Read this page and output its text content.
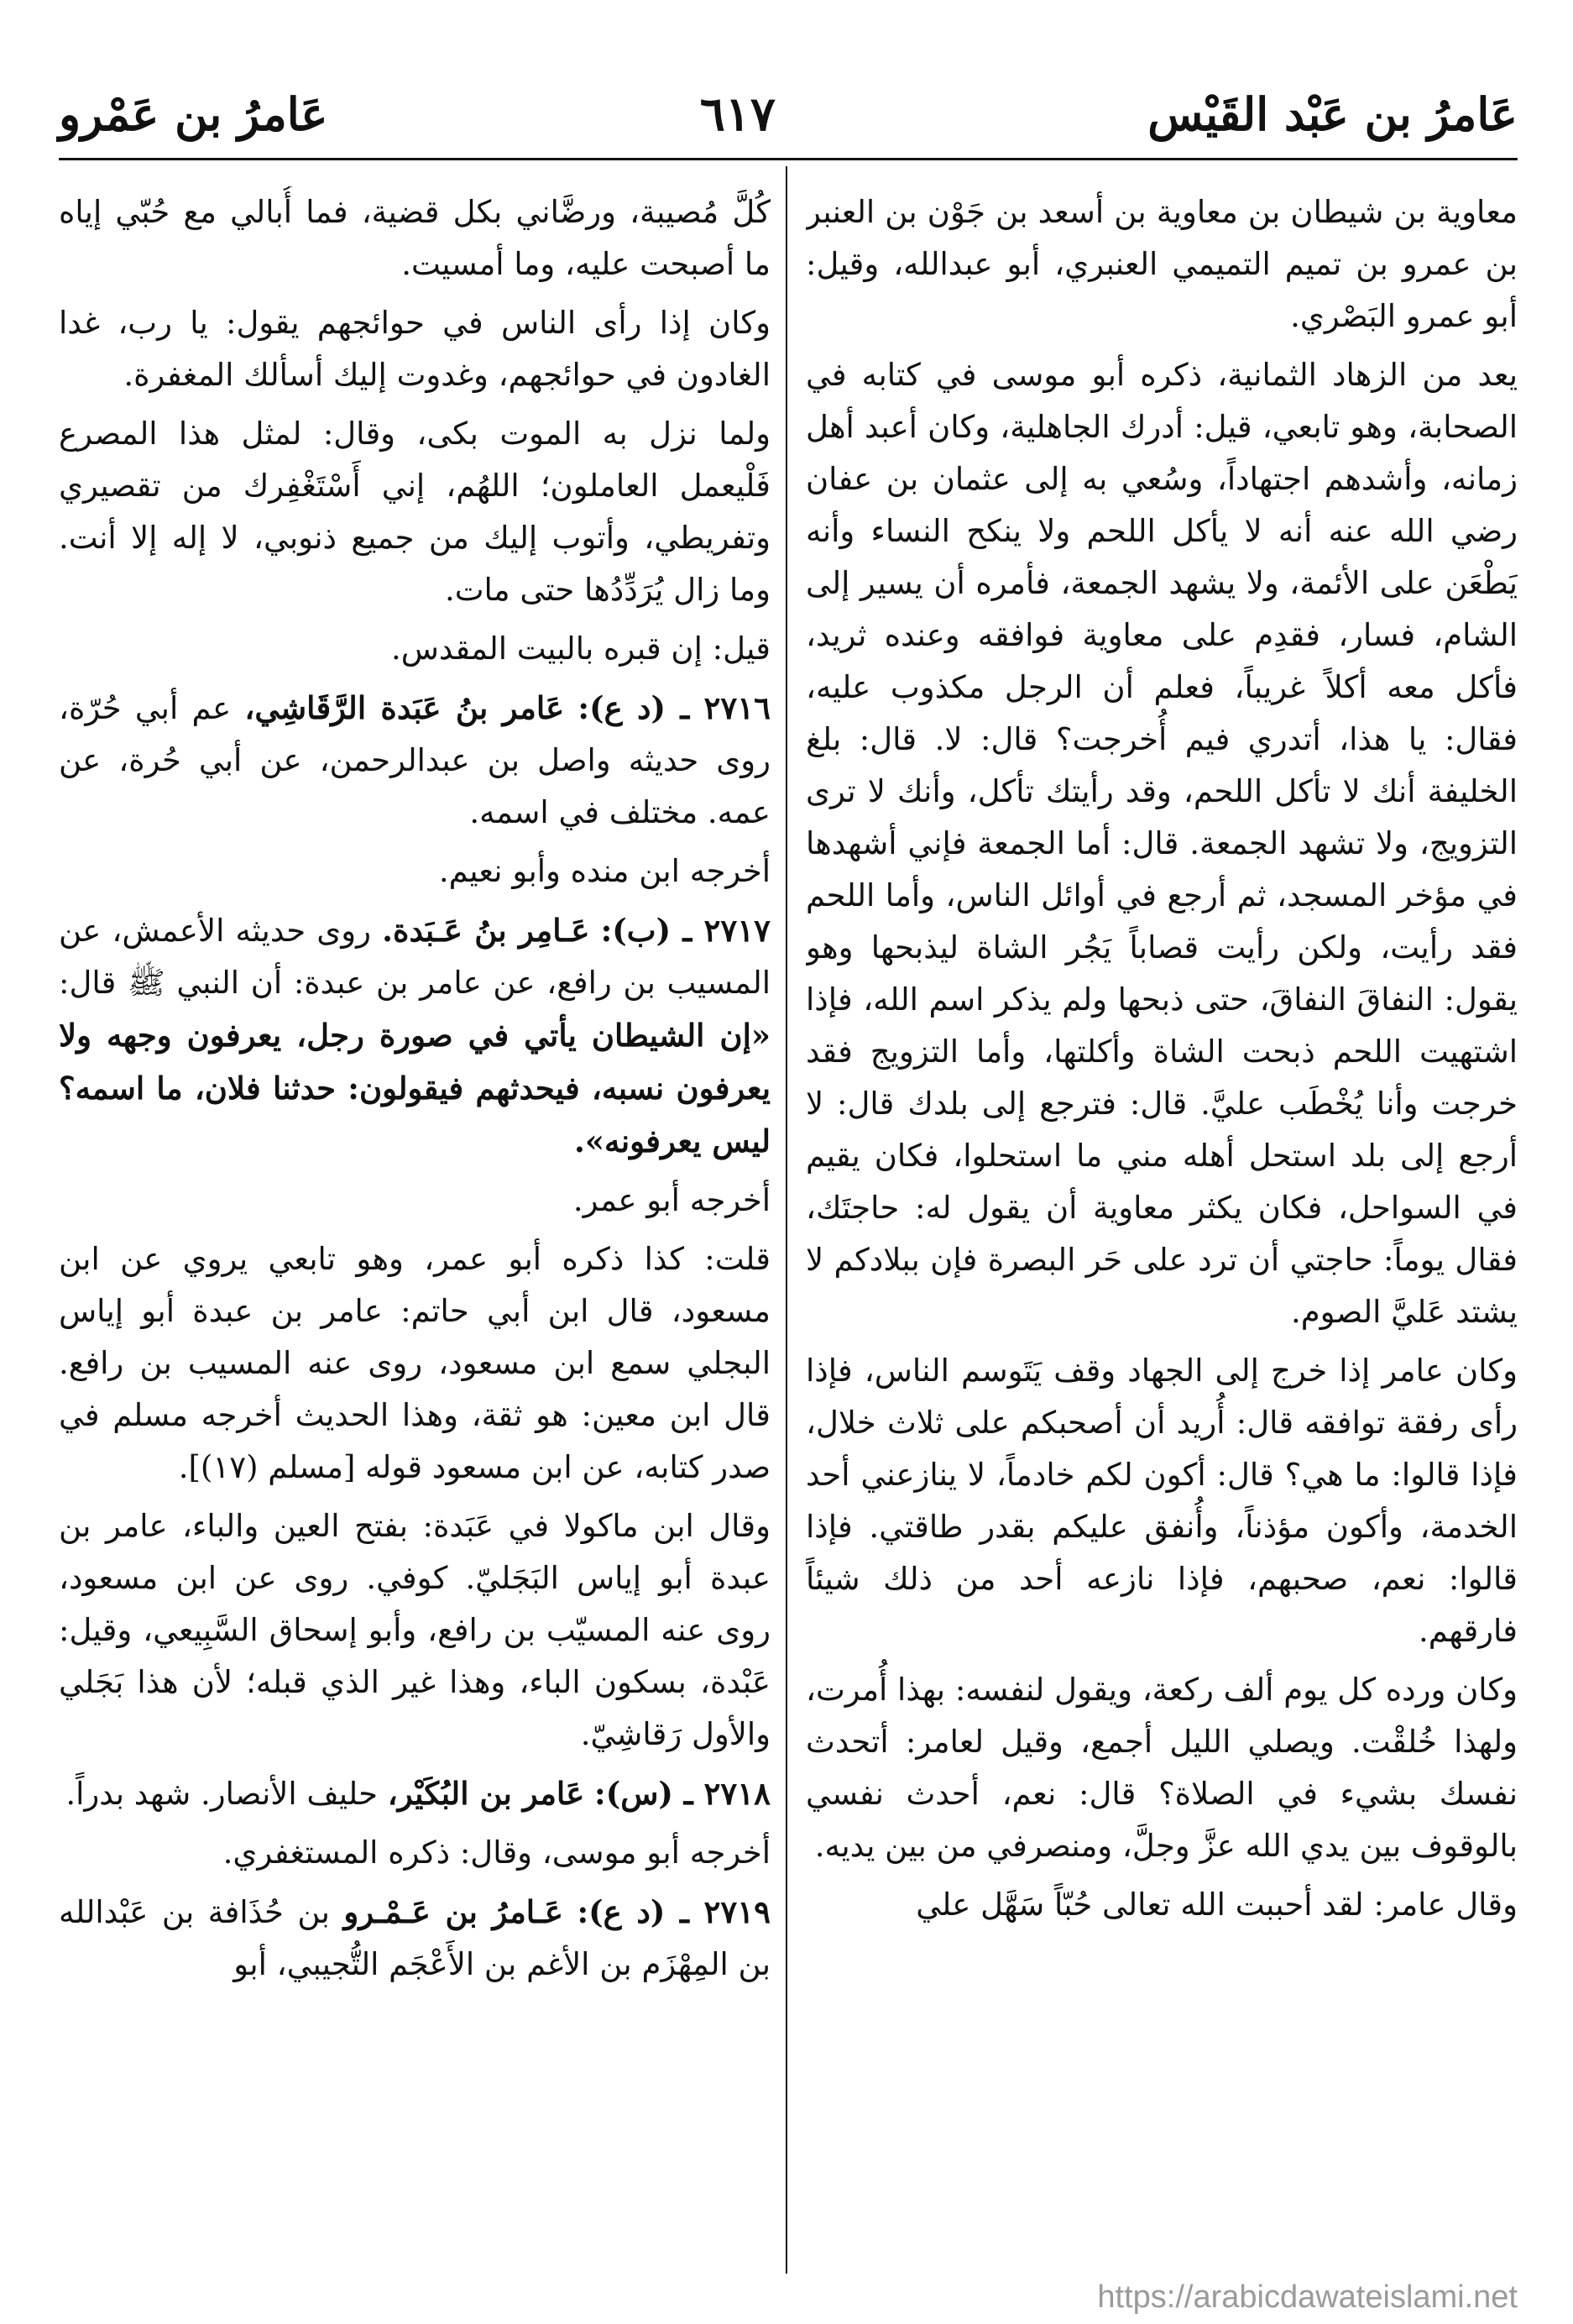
عَامرُ بن عَبْد القَيْس
٦١٧
عَامرُ بن عَمْرو

معاوية بن شيطان بن معاوية بن أسعد بن جَوْن بن العنبر بن عمرو بن تميم التميمي العنبري، أبو عبدالله، وقيل: أبو عمرو البَصْري.

يعد من الزهاد الثمانية، ذكره أبو موسى في كتابه في الصحابة، وهو تابعي، قيل: أدرك الجاهلية، وكان أعبد أهل زمانه، وأشدهم اجتهاداً، وسُعي به إلى عثمان بن عفان رضي الله عنه أنه لا يأكل اللحم ولا ينكح النساء وأنه يَطْعَن على الأئمة، ولا يشهد الجمعة، فأمره أن يسير إلى الشام، فسار، فقدِم على معاوية فوافقه وعنده ثريد، فأكل معه أكلاً غريباً، فعلم أن الرجل مكذوب عليه، فقال: يا هذا، أتدري فيم أُخرجت؟ قال: لا. قال: بلغ الخليفة أنك لا تأكل اللحم، وقد رأيتك تأكل، وأنك لا ترى التزويج، ولا تشهد الجمعة. قال: أما الجمعة فإني أشهدها في مؤخر المسجد، ثم أرجع في أوائل الناس، وأما اللحم فقد رأيت، ولكن رأيت قصاباً يَجُر الشاة ليذبحها وهو يقول: النفاقَ النفاقَ، حتى ذبحها ولم يذكر اسم الله، فإذا اشتهيت اللحم ذبحت الشاة وأكلتها، وأما التزويج فقد خرجت وأنا يُخْطَب عليَّ. قال: فترجع إلى بلدك قال: لا أرجع إلى بلد استحل أهله مني ما استحلوا، فكان يقيم في السواحل، فكان يكثر معاوية أن يقول له: حاجتَك، فقال يوماً: حاجتي أن ترد على حَر البصرة فإن ببلادكم لا يشتد عَليَّ الصوم.

وكان عامر إذا خرج إلى الجهاد وقف يَتَوسم الناس، فإذا رأى رفقة توافقه قال: أُريد أن أصحبكم على ثلاث خلال، فإذا قالوا: ما هي؟ قال: أكون لكم خادماً، لا ينازعني أحد الخدمة، وأكون مؤذناً، وأُنفق عليكم بقدر طاقتي. فإذا قالوا: نعم، صحبهم، فإذا نازعه أحد من ذلك شيئاً فارقهم.

وكان ورده كل يوم ألف ركعة، ويقول لنفسه: بهذا أُمرت، ولهذا خُلقْت. ويصلي الليل أجمع، وقيل لعامر: أتحدث نفسك بشيء في الصلاة؟ قال: نعم، أحدث نفسي بالوقوف بين يدي الله عزَّ وجلَّ، ومنصرفي من بين يديه.

وقال عامر: لقد أحببت الله تعالى حُبّاً سَهَّل علي

كُلَّ مُصيبة، ورضَّاني بكل قضية، فما أُبالي مع حُبّي إياه ما أصبحت عليه، وما أمسيت.

وكان إذا رأى الناس في حوائجهم يقول: يا رب، غدا الغادون في حوائجهم، وغدوت إليك أسألك المغفرة.

ولما نزل به الموت بكى، وقال: لمثل هذا المصرع فَلْيعمل العاملون؛ اللهُم، إني أَسْتَغْفِرك من تقصيري وتفريطي، وأتوب إليك من جميع ذنوبي، لا إله إلا أنت. وما زال يُرَدِّدُها حتى مات.

قيل: إن قبره بالبيت المقدس.

٢٧١٦ ـ (د ع): عَامر بنُ عَبَدة الرَّقَاشِي، عم أبي حُرّة، روى حديثه واصل بن عبدالرحمن، عن أبي حُرة، عن عمه. مختلف في اسمه.

أخرجه ابن منده وأبو نعيم.

٢٧١٧ ـ (ب): عَـامِر بنُ عَـبَدة. روى حديثه الأعمش، عن المسيب بن رافع، عن عامر بن عبدة: أن النبي ﷺ قال: «إن الشيطان يأتي في صورة رجل، يعرفون وجهه ولا يعرفون نسبه، فيحدثهم فيقولون: حدثنا فلان، ما اسمه؟ ليس يعرفونه».

أخرجه أبو عمر.

قلت: كذا ذكره أبو عمر، وهو تابعي يروي عن ابن مسعود، قال ابن أبي حاتم: عامر بن عبدة أبو إياس البجلي سمع ابن مسعود، روى عنه المسيب بن رافع. قال ابن معين: هو ثقة، وهذا الحديث أخرجه مسلم في صدر كتابه، عن ابن مسعود قوله [مسلم (١٧)].

وقال ابن ماكولا في عَبَدة: بفتح العين والباء، عامر بن عبدة أبو إياس البَجَليّ. كوفي. روى عن ابن مسعود، روى عنه المسيّب بن رافع، وأبو إسحاق السَّبِيعي، وقيل: عَبْدة، بسكون الباء، وهذا غير الذي قبله؛ لأن هذا بَجَلي والأول رَقاشِيّ.

٢٧١٨ ـ (س): عَامر بن البُكَيْر، حليف الأنصار. شهد بدراً.

أخرجه أبو موسى، وقال: ذكره المستغفري.

٢٧١٩ ـ (د ع): عَـامرُ بن عَـمْـرو بن حُذَافة بن عَبْدالله بن المِهْزَم بن الأغم بن الأَعْجَم التُّجيبي، أبو

https://arabicdawateislami.net
